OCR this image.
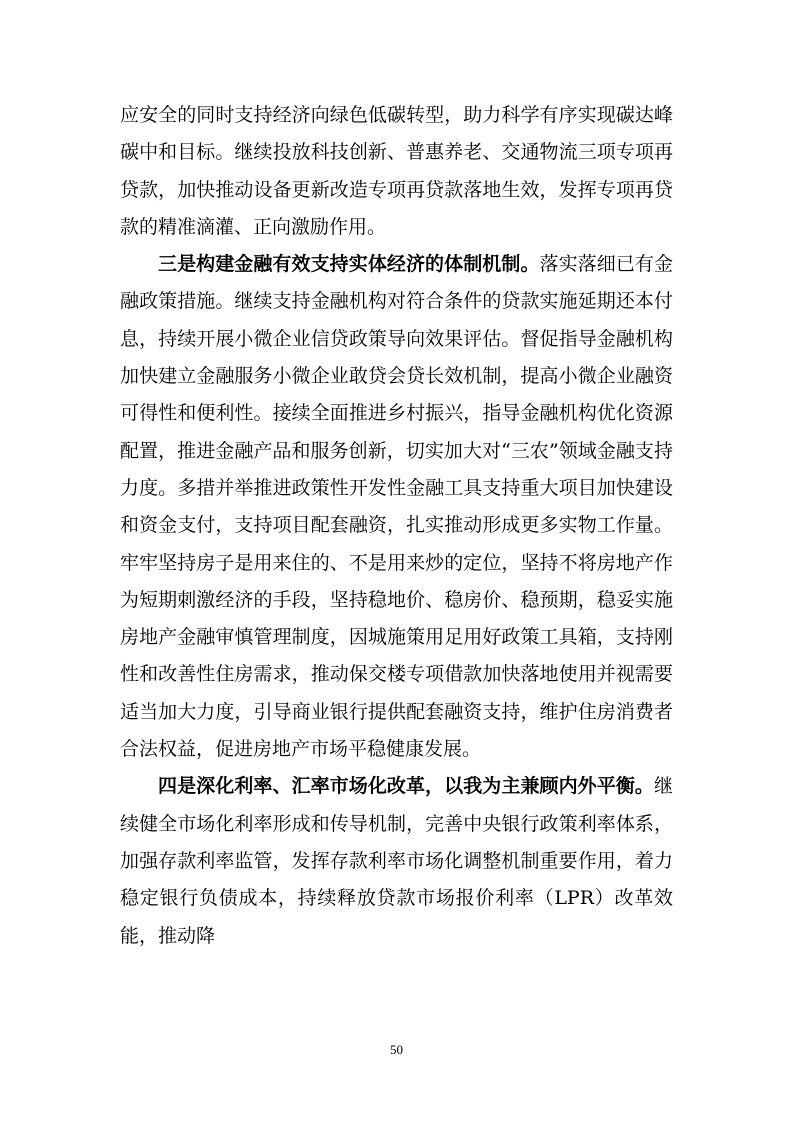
应安全的同时支持经济向绿色低碳转型，助力科学有序实现碳达峰碳中和目标。继续投放科技创新、普惠养老、交通物流三项专项再贷款，加快推动设备更新改造专项再贷款落地生效，发挥专项再贷款的精准滴灌、正向激励作用。

三是构建金融有效支持实体经济的体制机制。落实落细已有金融政策措施。继续支持金融机构对符合条件的贷款实施延期还本付息，持续开展小微企业信贷政策导向效果评估。督促指导金融机构加快建立金融服务小微企业敢贷会贷长效机制，提高小微企业融资可得性和便利性。接续全面推进乡村振兴，指导金融机构优化资源配置，推进金融产品和服务创新，切实加大对“三农”领域金融支持力度。多措并举推进政策性开发性金融工具支持重大项目加快建设和资金支付，支持项目配套融资，扎实推动形成更多实物工作量。牢牢坚持房子是用来住的、不是用来炒的定位，坚持不将房地产作为短期刺激经济的手段，坚持稳地价、稳房价、稳预期，稳妥实施房地产金融审慎管理制度，因城施策用足用好政策工具箱，支持刚性和改善性住房需求，推动保交楼专项借款加快落地使用并视需要适当加大力度，引导商业银行提供配套融资支持，维护住房消费者合法权益，促进房地产市场平稳健康发展。

四是深化利率、汇率市场化改革，以我为主兼顾内外平衡。继续健全市场化利率形成和传导机制，完善中央银行政策利率体系，加强存款利率监管，发挥存款利率市场化调整机制重要作用，着力稳定银行负债成本，持续释放贷款市场报价利率（LPR）改革效能，推动降

50
